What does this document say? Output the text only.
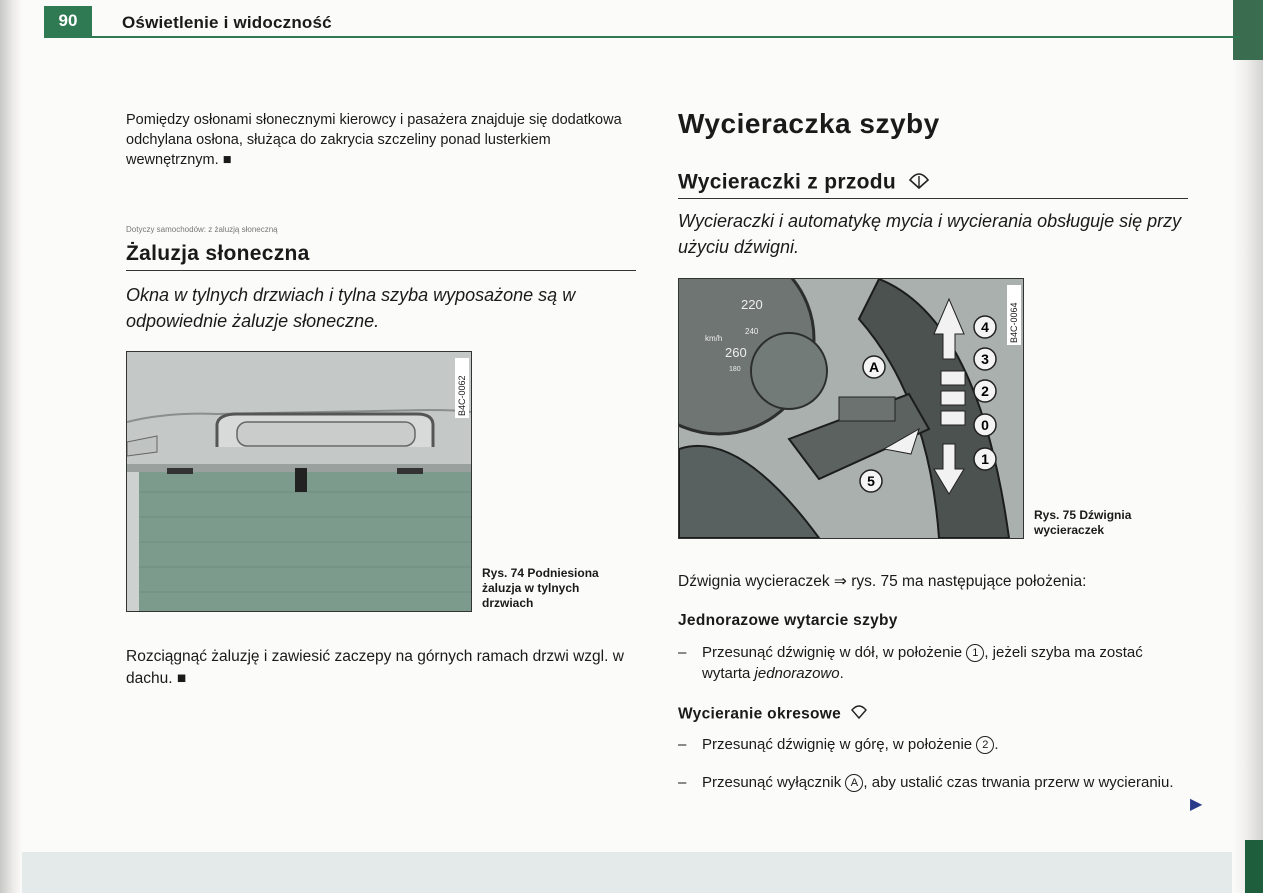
90	Oświetlenie i widoczność

Pomiędzy osłonami słonecznymi kierowcy i pasażera znajduje się dodatkowa odchylana osłona, służąca do zakrycia szczeliny ponad lusterkiem wewnętrznym. ■

Dotyczy samochodów: z żaluzją słoneczną

Żaluzja słoneczna

Okna w tylnych drzwiach i tylna szyba wyposażone są w odpowiednie żaluzje słoneczne.

B4C-0062

Rys. 74 Podniesiona żaluzja w tylnych drzwiach

Rozciągnąć żaluzję i zawiesić zaczepy na górnych ramach drzwi wzgl. w dachu. ■

Wycieraczka szyby
Wycieraczki z przodu

Wycieraczki i automatykę mycia i wycierania obsługuje się przy użyciu dźwigni.

220
240
260
km/h
180	A
4
3
2
0
1
5
B4C-0064

Rys. 75 Dźwignia wycieraczek

Dźwignia wycieraczek ⇒ rys. 75 ma następujące położenia:

Jednorazowe wytarcie szyby
– Przesunąć dźwignię w dół, w położenie 1 , jeżeli szyba ma zostać wytarta jednorazowo.
Wycieranie okresowe
– Przesunąć dźwignię w górę, w położenie 2 .
– Przesunąć wyłącznik A , aby ustalić czas trwania przerw w wycieraniu.
▶
